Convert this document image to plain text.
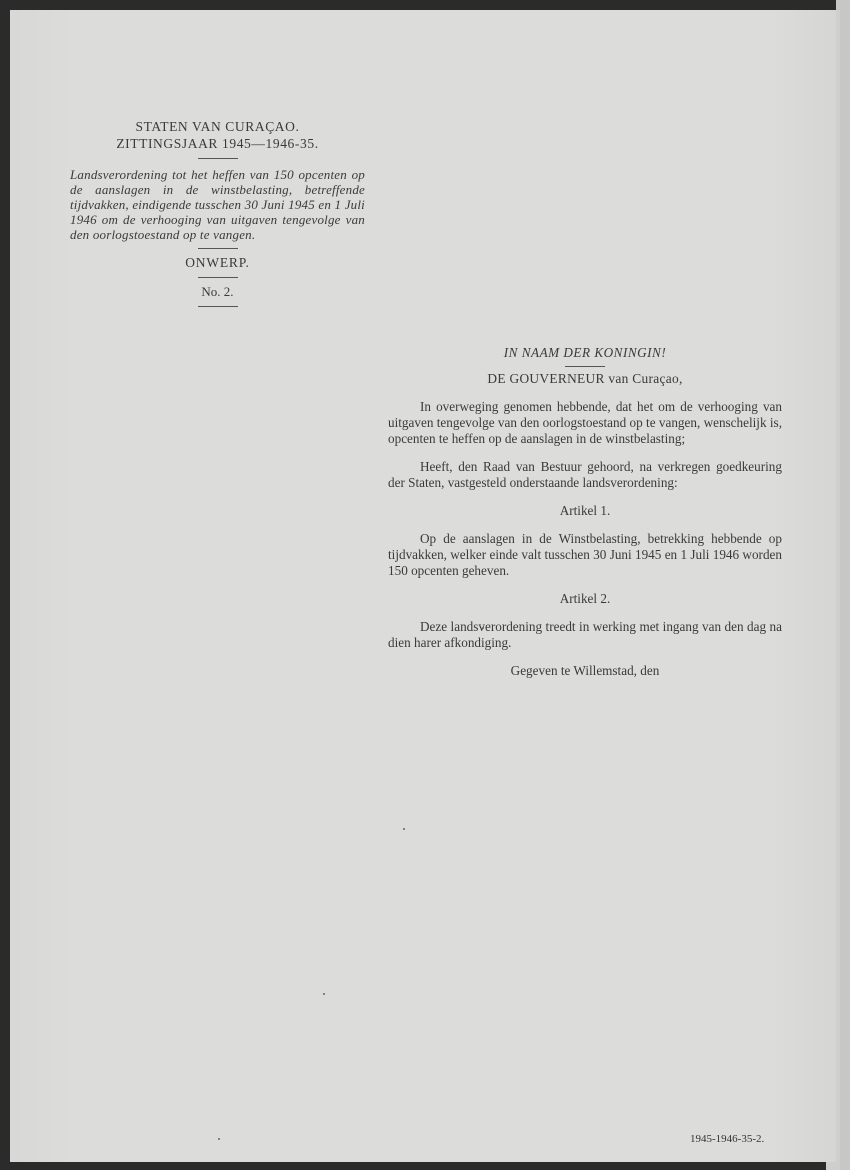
STATEN VAN CURAÇAO.
ZITTINGSJAAR 1945—1946-35.
Landsverordening tot het heffen van 150 opcenten op de aanslagen in de winstbelasting, betreffende tijdvakken, eindigende tusschen 30 Juni 1945 en 1 Juli 1946 om de verhooging van uitgaven tengevolge van den oorlogstoestand op te vangen.
ONWERP.
No. 2.
IN NAAM DER KONINGIN!
DE GOUVERNEUR van Curaçao,

In overweging genomen hebbende, dat het om de verhooging van uitgaven tengevolge van den oorlogstoestand op te vangen, wenschelijk is, opcenten te heffen op de aanslagen in de winstbelasting;

Heeft, den Raad van Bestuur gehoord, na verkregen goedkeuring der Staten, vastgesteld onderstaande landsverordening:

Artikel 1.

Op de aanslagen in de Winstbelasting, betrekking hebbende op tijdvakken, welker einde valt tusschen 30 Juni 1945 en 1 Juli 1946 worden 150 opcenten geheven.

Artikel 2.

Deze landsverordening treedt in werking met ingang van den dag na dien harer afkondiging.

Gegeven te Willemstad, den
1945-1946-35-2.
